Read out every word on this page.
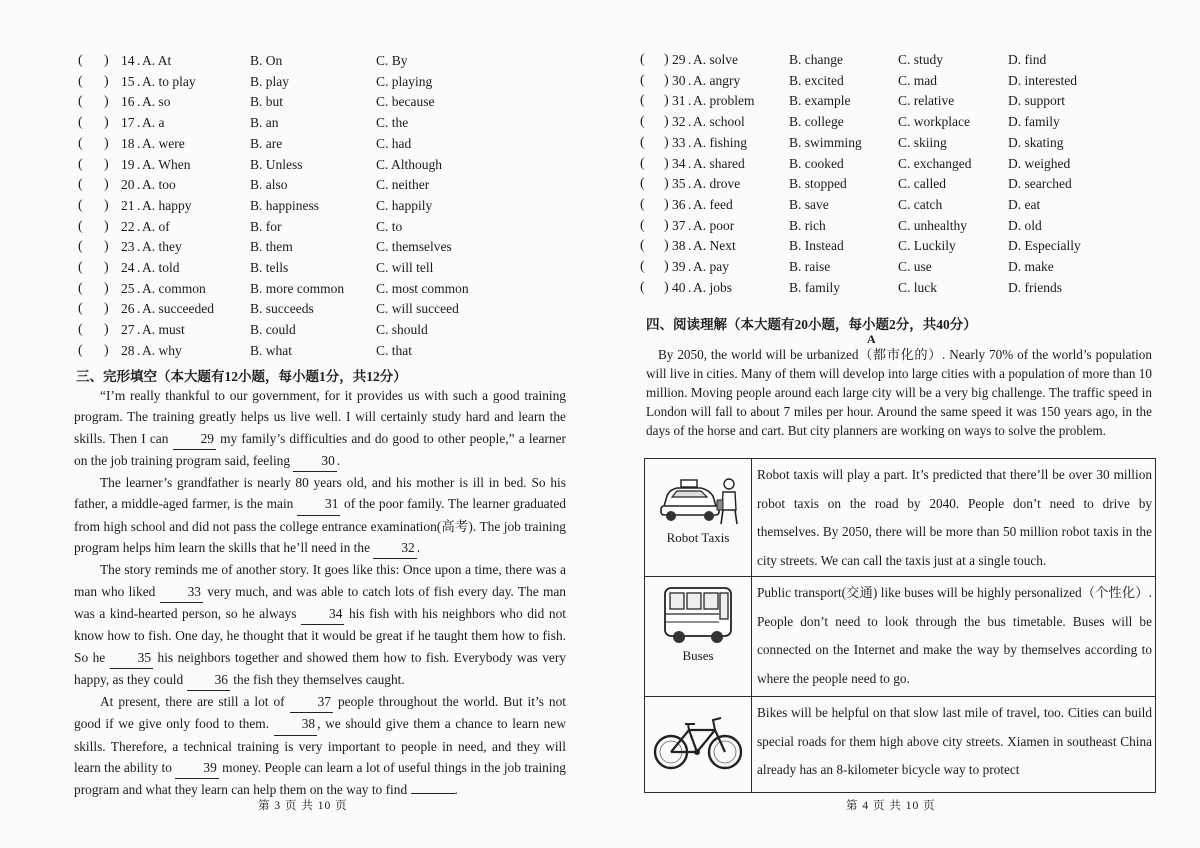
( ) 14 . A. At	B. On	C. By
( ) 15 . A. to play	B. play	C. playing
( ) 16 . A. so	B. but	C. because
( ) 17 . A. a	B. an	C. the
( ) 18 . A. were	B. are	C. had
( ) 19 . A. When	B. Unless	C. Although
( ) 20 . A. too	B. also	C. neither
( ) 21 . A. happy	B. happiness	C. happily
( ) 22 . A. of	B. for	C. to
( ) 23 . A. they	B. them	C. themselves
( ) 24 . A. told	B. tells	C. will tell
( ) 25 . A. common	B. more common C. most common
( ) 26 . A. succeeded	B. succeeds	C. will succeed
( ) 27 . A. must	B. could	C. should
( ) 28 . A. why	B. what	C. that
三、完形填空（本大题有12小题，每小题1分，共12分）

“I’m really thankful to our government, for it provides us with such a good training program. The training greatly helps us live well. I will certainly study hard and learn the skills. Then I can 29 my family’s difficulties and do good to other people,” a learner on the job training program said, feeling 30 .

The learner’s grandfather is nearly 80 years old, and his mother is ill in bed. So his father, a middle-aged farmer, is the main 31 of the poor family. The learner graduated from high school and did not pass the college entrance examination(高考). The job training program helps him learn the skills that he’ll need in the 32 .

The story reminds me of another story. It goes like this: Once upon a time, there was a man who liked 33 very much, and was able to catch lots of fish every day. The man was a kind-hearted person, so he always 34 his fish with his neighbors who did not know how to fish. One day, he thought that it would be great if he taught them how to fish. So he 35 his neighbors together and showed them how to fish. Everybody was very happy, as they could 36 the fish they themselves caught.

At present, there are still a lot of 37 people throughout the world. But it’s not good if we give only food to them. 38 , we should give them a chance to learn new skills. Therefore, a technical training is very important to people in need, and they will learn the ability to 39 money. People can learn a lot of useful things in the job training program and what they learn can help them on the way to find	.

第 3 页 共 10 页
( ) 29 . A. solve	B. change	C. study	D. find
( ) 30 . A. angry	B. excited	C. mad	D. interested
( ) 31 . A. problem	B. example	C. relative	D. support
( ) 32 . A. school	B. college	C. workplace	D. family
( ) 33 . A. fishing	B. swimming	C. skiing	D. skating
( ) 34 . A. shared	B. cooked	C. exchanged	D. weighed
( ) 35 . A. drove	B. stopped	C. called	D. searched
( ) 36 . A. feed	B. save	C. catch	D. eat
( ) 37 . A. poor	B. rich	C. unhealthy	D. old
( ) 38 . A. Next	B. Instead	C. Luckily	D. Especially
( ) 39 . A. pay	B. raise	C. use	D. make
( ) 40 . A. jobs	B. family	C. luck	D. friends
四、阅读理解（本大题有20小题，每小题2分，共40分）
A
By 2050, the world will be urbanized（都市化的）. Nearly 70% of the world’s population will live in cities. Many of them will develop into large cities with a population of more than 10 million. Moving people around each large city will be a very big challenge. The traffic speed in London will fall to about 7 miles per hour. Around the same speed it was 150 years ago, in the days of the horse and cart. But city planners are working on ways to solve the problem.
Robot Taxis	Robot taxis will play a part. It’s predicted that there’ll be over 30 million robot taxis on the road by 2040. People don’t need to drive by themselves. By 2050, there will be more than 50 million robot taxis in the city streets. We can call the taxis just at a single touch.

Buses	Public transport(交通) like buses will be highly personalized（个性化）. People don’t need to look through the bus timetable. Buses will be connected on the Internet and make the way by themselves according to where the people need to go.

	Bikes will be helpful on that slow last mile of travel, too. Cities can build special roads for them high above city streets. Xiamen in southeast China already has an 8-kilometer bicycle way to protect
第 4 页 共 10 页
